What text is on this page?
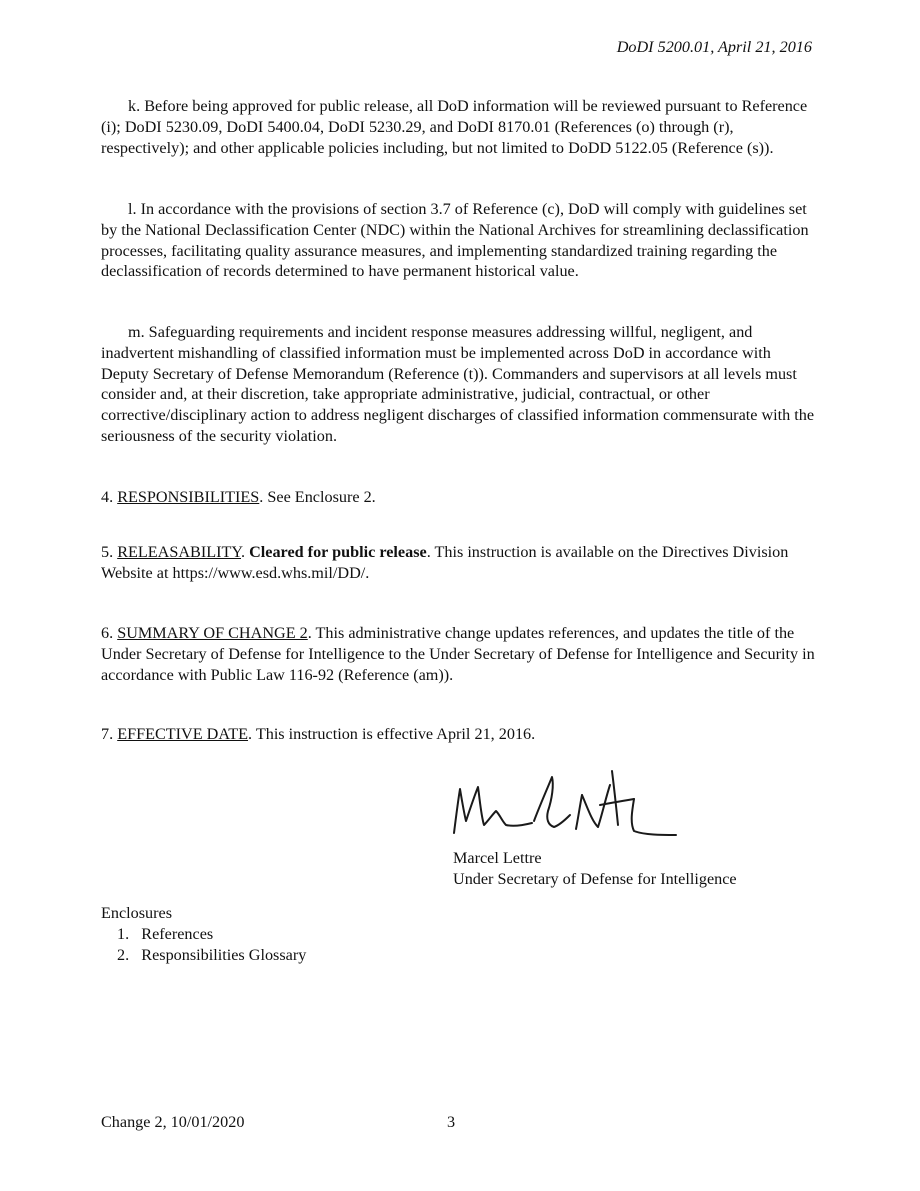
DoDI 5200.01, April 21, 2016

k. Before being approved for public release, all DoD information will be reviewed pursuant to Reference (i); DoDI 5230.09, DoDI 5400.04, DoDI 5230.29, and DoDI 8170.01 (References (o) through (r), respectively); and other applicable policies including, but not limited to DoDD 5122.05 (Reference (s)).

l. In accordance with the provisions of section 3.7 of Reference (c), DoD will comply with guidelines set by the National Declassification Center (NDC) within the National Archives for streamlining declassification processes, facilitating quality assurance measures, and implementing standardized training regarding the declassification of records determined to have permanent historical value.

m. Safeguarding requirements and incident response measures addressing willful, negligent, and inadvertent mishandling of classified information must be implemented across DoD in accordance with Deputy Secretary of Defense Memorandum (Reference (t)). Commanders and supervisors at all levels must consider and, at their discretion, take appropriate administrative, judicial, contractual, or other corrective/disciplinary action to address negligent discharges of classified information commensurate with the seriousness of the security violation.

4. RESPONSIBILITIES. See Enclosure 2.
5. RELEASABILITY. Cleared for public release. This instruction is available on the Directives Division Website at https://www.esd.whs.mil/DD/.
6. SUMMARY OF CHANGE 2. This administrative change updates references, and updates the title of the Under Secretary of Defense for Intelligence to the Under Secretary of Defense for Intelligence and Security in accordance with Public Law 116-92 (Reference (am)).
7. EFFECTIVE DATE. This instruction is effective April 21, 2016.
Marcel Lettre
Under Secretary of Defense for Intelligence
Enclosures
1.   References
2.   Responsibilities Glossary
Change 2, 10/01/2020	3
